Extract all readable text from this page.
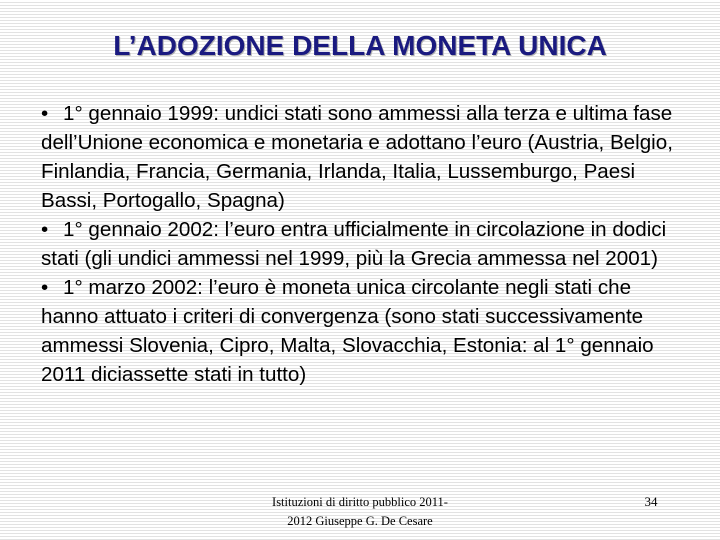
L’ADOZIONE DELLA MONETA UNICA

• 1° gennaio 1999: undici stati sono ammessi alla terza e ultima fase dell’Unione economica e monetaria e adottano l’euro (Austria, Belgio, Finlandia, Francia, Germania, Irlanda, Italia, Lussemburgo, Paesi Bassi, Portogallo, Spagna)

• 1° gennaio 2002: l’euro entra ufficialmente in circolazione in dodici stati (gli undici ammessi nel 1999, più la Grecia ammessa nel 2001)

• 1° marzo 2002: l’euro è moneta unica circolante negli stati che hanno attuato i criteri di convergenza (sono stati successivamente ammessi Slovenia, Cipro, Malta, Slovacchia, Estonia: al 1° gennaio 2011 diciassette stati in tutto)

Istituzioni di diritto pubblico 2011-
2012 Giuseppe G. De Cesare
34
